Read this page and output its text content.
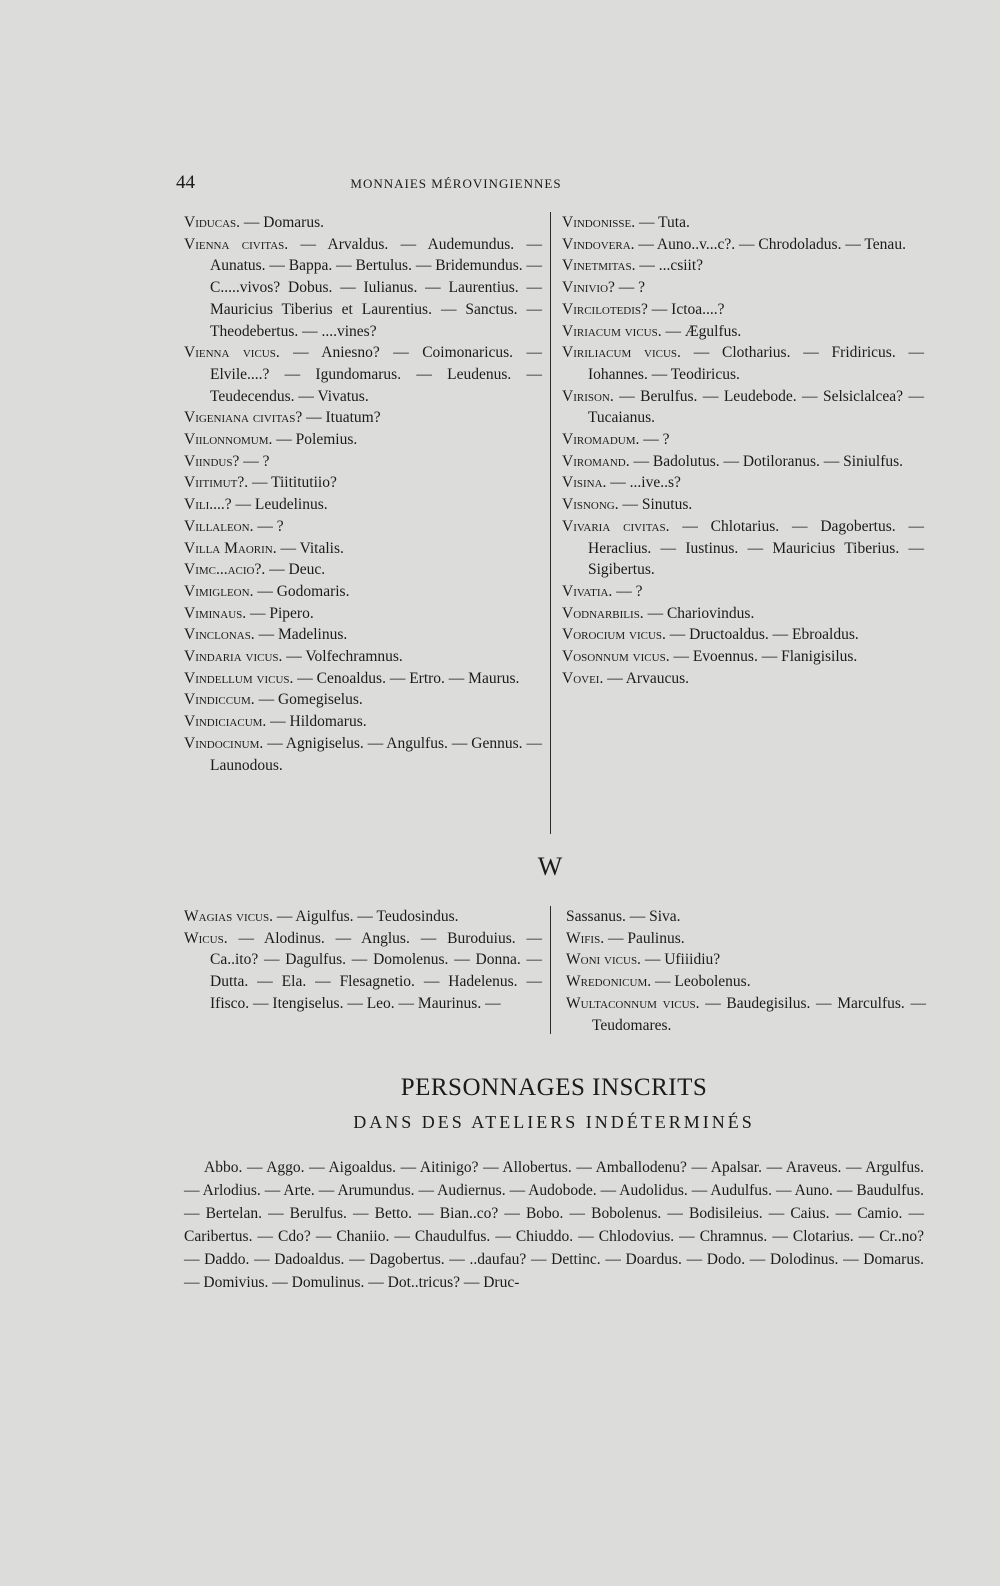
44	MONNAIES MÉROVINGIENNES

Viducas. — Domarus.

Vienna civitas. — Arvaldus. — Audemundus. — Aunatus. — Bappa. — Bertulus. — Bridemundus. — C.....vivos? Dobus. — Iulianus. — Laurentius. — Mauricius Tiberius et Laurentius. — Sanctus. — Theodebertus. — ....vines?

Vienna vicus. — Aniesno? — Coimonaricus. — Elvile....? — Igundomarus. — Leudenus. — Teudecendus. — Vivatus.

Vigeniana civitas? — Ituatum?

Viilonnomum. — Polemius.

Viindus? — ?

Viitimut?. — Tiititutiio?

Vili....? — Leudelinus.

Villaleon. — ?

Villa Maorin. — Vitalis.

Vimc...acio?. — Deuc.

Vimigleon. — Godomaris.

Viminaus. — Pipero.

Vinclonas. — Madelinus.

Vindaria vicus. — Volfechramnus.

Vindellum vicus. — Cenoaldus. — Ertro. — Maurus.

Vindiccum. — Gomegiselus.

Vindiciacum. — Hildomarus.

Vindocinum. — Agnigiselus. — Angulfus. — Gennus. — Launodous.

Vindonisse. — Tuta.

Vindovera. — Auno..v...c?. — Chrodoladus. — Tenau.

Vinetmitas. — ...csiit?

Vinivio? — ?

Vircilotedis? — Ictoa....?

Viriacum vicus. — Ægulfus.

Viriliacum vicus. — Clotharius. — Fridiricus. — Iohannes. — Teodiricus.

Virison. — Berulfus. — Leudebode. — Selsiclalcea? — Tucaianus.

Viromadum. — ?

Viromand. — Badolutus. — Dotiloranus. — Siniulfus.

Visina. — ...ive..s?

Visnong. — Sinutus.

Vivaria civitas. — Chlotarius. — Dagobertus. — Heraclius. — Iustinus. — Mauricius Tiberius. — Sigibertus.

Vivatia. — ?

Vodnarbilis. — Chariovindus.

Vorocium vicus. — Dructoaldus. — Ebroaldus.

Vosonnum vicus. — Evoennus. — Flanigisilus.

Vovei. — Arvaucus.

W

Wagias vicus. — Aigulfus. — Teudosindus.

Wicus. — Alodinus. — Anglus. — Buroduius. — Ca..ito? — Dagulfus. — Domolenus. — Donna. — Dutta. — Ela. — Flesagnetio. — Hadelenus. — Ifisco. — Itengiselus. — Leo. — Maurinus. —

Sassanus. — Siva.

Wifis. — Paulinus.

Woni vicus. — Ufiiidiu?

Wredonicum. — Leobolenus.

Wultaconnum vicus. — Baudegisilus. — Marculfus. — Teudomares.

PERSONNAGES INSCRITS
DANS DES ATELIERS INDÉTERMINÉS
Abbo. — Aggo. — Aigoaldus. — Aitinigo? — Allobertus. — Amballodenu? — Apalsar. — Araveus. — Argulfus. — Arlodius. — Arte. — Arumundus. — Audiernus. — Audobode. — Audolidus. — Audulfus. — Auno. — Baudulfus. — Bertelan. — Berulfus. — Betto. — Bian..co? — Bobo. — Bobolenus. — Bodisileius. — Caius. — Camio. — Caribertus. — Cdo? — Chaniio. — Chaudulfus. — Chiuddo. — Chlodovius. — Chramnus. — Clotarius. — Cr..no? — Daddo. — Dadoaldus. — Dagobertus. — ..daufau? — Dettinc. — Doardus. — Dodo. — Dolodinus. — Domarus. — Domivius. — Domulinus. — Dot..tricus? — Druc-
